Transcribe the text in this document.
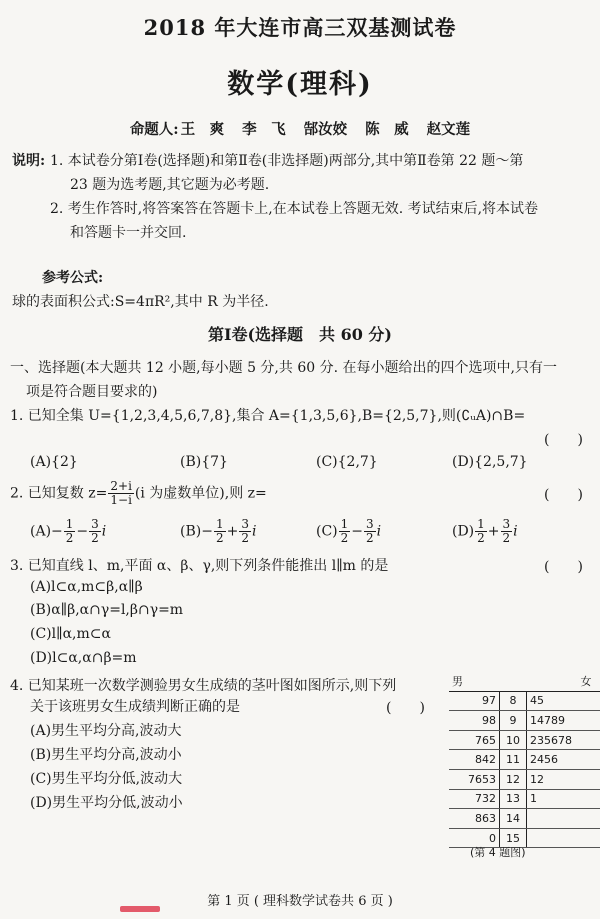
2018 年大连市高三双基测试卷
数学(理科)
命题人: 王　爽 李　飞 郜汝姣 陈　威 赵文莲
说明: 1. 本试卷分第Ⅰ卷(选择题)和第Ⅱ卷(非选择题)两部分,其中第Ⅱ卷第 22 题～第
23 题为选考题,其它题为必考题.
2. 考生作答时,将答案答在答题卡上,在本试卷上答题无效. 考试结束后,将本试卷
和答题卡一并交回.
参考公式:
球的表面积公式:S=4πR²,其中 R 为半径.
第Ⅰ卷(选择题　共 60 分)
一、选择题(本大题共 12 小题,每小题 5 分,共 60 分. 在每小题给出的四个选项中,只有一
项是符合题目要求的)
1. 已知全集 U={1,2,3,4,5,6,7,8},集合 A={1,3,5,6},B={2,5,7},则(∁ᵤA)∩B=
(　　)
(A){2}	(B){7}	(C){2,7}	(D){2,5,7}
2. 已知复数 $z= \frac{2+i}{1-i} (i$ 为虚数单位),则 z=	(　　)
$(A)- \frac{1}{2} - \frac{3}{2}$ i	$(B)- \frac{1}{2} + \frac{3}{2}$ i	$(C) \frac{1}{2} - \frac{3}{2}$ i	$(D) \frac{1}{2} + \frac{3}{2}$ i
3. 已知直线 l、m,平面 α、β、γ,则下列条件能推出 l∥m 的是	(　　)
(A)l⊂α,m⊂β,α∥β
(B)α∥β,α∩γ=l,β∩γ=m
(C)l∥α,m⊂α
(D)l⊂α,α∩β=m
4. 已知某班一次数学测验男女生成绩的茎叶图如图所示,则下列
关于该班男女生成绩判断正确的是	(　　)
(A)男生平均分高,波动大
(B)男生平均分高,波动小
(C)男生平均分低,波动大
(D)男生平均分低,波动小
男		女
97	8	45
98	9	14789
765	10	235678
842	11	2456
7653	12	12
732	13	1
863	14	
0	15	
(第 4 题图)
第 1 页 ( 理科数学试卷共 6 页 )
